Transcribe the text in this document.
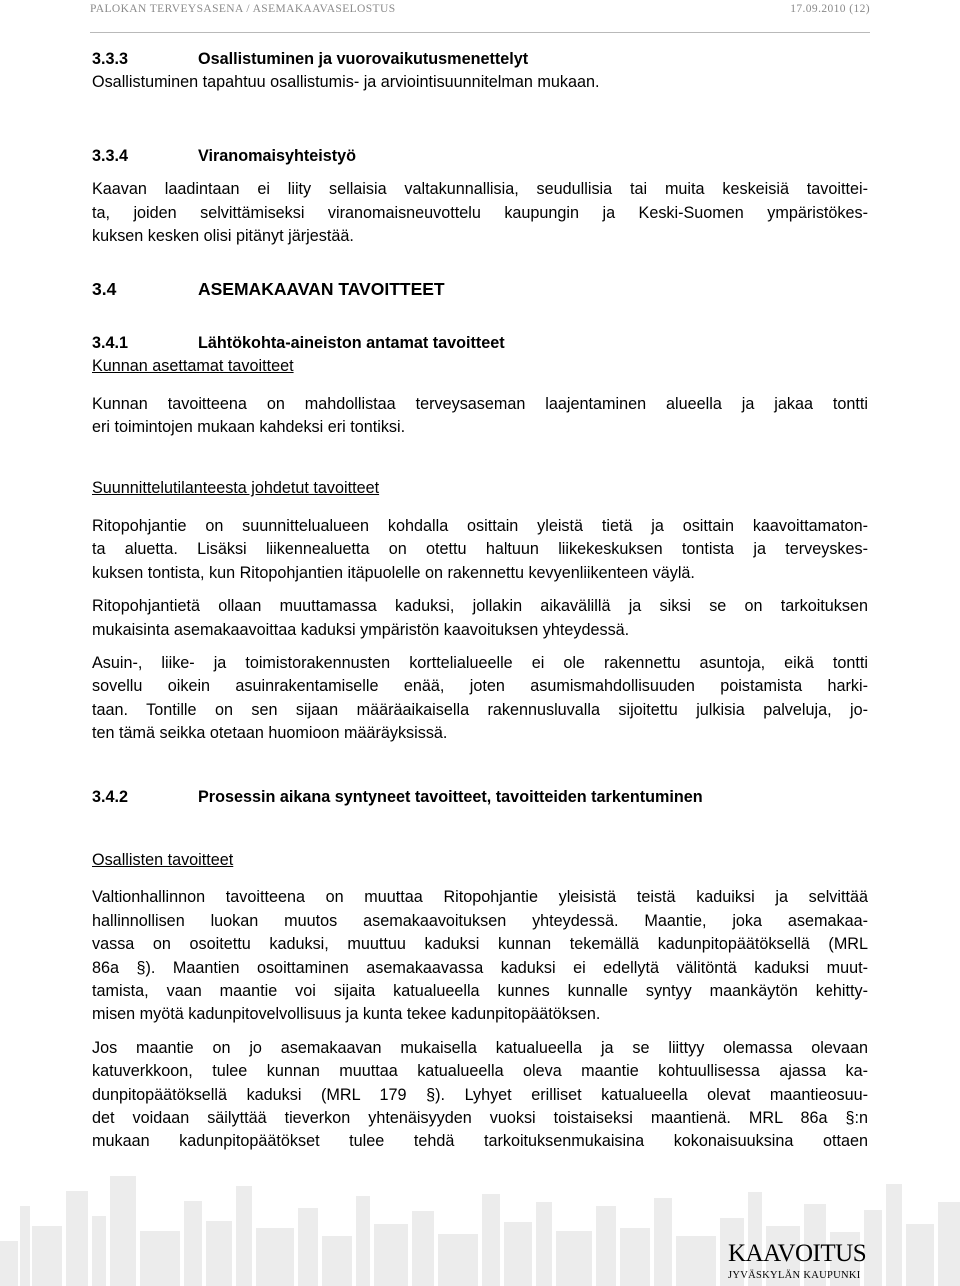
PALOKAN TERVEYSASENA / ASEMAKAAVASELOSTUS	17.09.2010 (12)

3.3.3	Osallistuminen ja vuorovaikutusmenettelyt

Osallistuminen tapahtuu osallistumis- ja arviointisuunnitelman mukaan.

3.3.4	Viranomaisyhteistyö

Kaavan laadintaan ei liity sellaisia valtakunnallisia, seudullisia tai muita keskeisiä tavoittei-
ta, joiden selvittämiseksi viranomaisneuvottelu kaupungin ja Keski-Suomen ympäristökes-
kuksen kesken olisi pitänyt järjestää.

3.4	ASEMAKAAVAN TAVOITTEET

3.4.1	Lähtökohta-aineiston antamat tavoitteet

Kunnan asettamat tavoitteet

Kunnan tavoitteena on mahdollistaa terveysaseman laajentaminen alueella ja jakaa tontti
eri toimintojen mukaan kahdeksi eri tontiksi.

Suunnittelutilanteesta johdetut tavoitteet

Ritopohjantie on suunnittelualueen kohdalla osittain yleistä tietä ja osittain kaavoittamaton-
ta aluetta. Lisäksi liikennealuetta on otettu haltuun liikekeskuksen tontista ja terveyskes-
kuksen tontista, kun Ritopohjantien itäpuolelle on rakennettu kevyenliikenteen väylä.

Ritopohjantietä ollaan muuttamassa kaduksi, jollakin aikavälillä ja siksi se on tarkoituksen
mukaisinta asemakaavoittaa kaduksi ympäristön kaavoituksen yhteydessä.

Asuin-, liike- ja toimistorakennusten korttelialueelle ei ole rakennettu asuntoja, eikä tontti
sovellu oikein asuinrakentamiselle enää, joten asumismahdollisuuden poistamista harki-
taan. Tontille on sen sijaan määräaikaisella rakennusluvalla sijoitettu julkisia palveluja, jo-
ten tämä seikka otetaan huomioon määräyksissä.

3.4.2	Prosessin aikana syntyneet tavoitteet, tavoitteiden tarkentuminen

Osallisten tavoitteet

Valtionhallinnon tavoitteena on muuttaa Ritopohjantie yleisistä teistä kaduiksi ja selvittää
hallinnollisen luokan muutos asemakaavoituksen yhteydessä. Maantie, joka asemakaa-
vassa on osoitettu kaduksi, muuttuu kaduksi kunnan tekemällä kadunpitopäätöksellä (MRL
86a §). Maantien osoittaminen asemakaavassa kaduksi ei edellytä välitöntä kaduksi muut-
tamista, vaan maantie voi sijaita katualueella kunnes kunnalle syntyy maankäytön kehitty-
misen myötä kadunpitovelvollisuus ja kunta tekee kadunpitopäätöksen.

Jos maantie on jo asemakaavan mukaisella katualueella ja se liittyy olemassa olevaan
katuverkkoon, tulee kunnan muuttaa katualueella oleva maantie kohtuullisessa ajassa ka-
dunpitopäätöksellä kaduksi (MRL 179 §). Lyhyet erilliset katualueella olevat maantieosuu-
det voidaan säilyttää tieverkon yhtenäisyyden vuoksi toistaiseksi maantienä. MRL 86a §:n
mukaan kadunpitopäätökset tulee tehdä tarkoituksenmukaisina kokonaisuuksina ottaen

KAAVOITUS
JYVÄSKYLÄN KAUPUNKI
